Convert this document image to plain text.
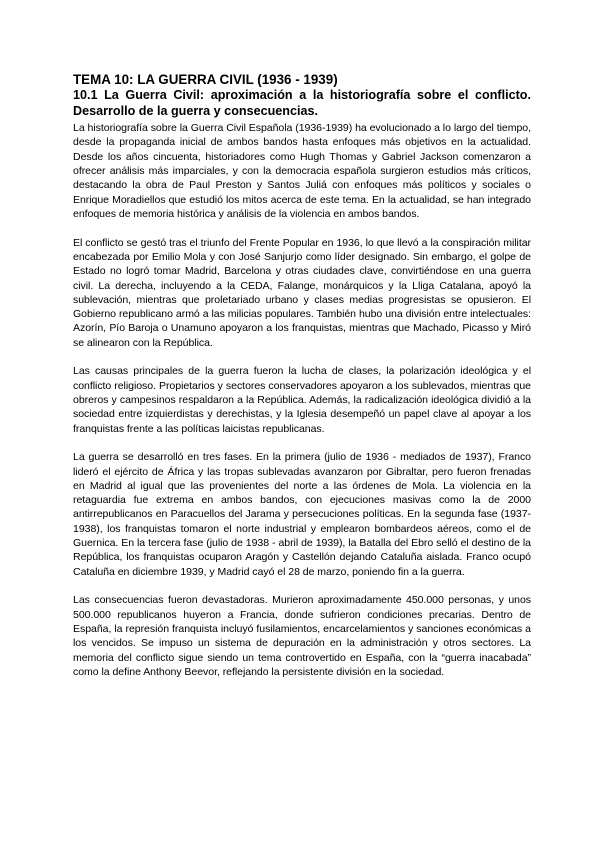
TEMA 10: LA GUERRA CIVIL (1936 - 1939)
10.1 La Guerra Civil: aproximación a la historiografía sobre el conflicto. Desarrollo de la guerra y consecuencias.

La historiografía sobre la Guerra Civil Española (1936-1939) ha evolucionado a lo largo del tiempo, desde la propaganda inicial de ambos bandos hasta enfoques más objetivos en la actualidad. Desde los años cincuenta, historiadores como Hugh Thomas y Gabriel Jackson comenzaron a ofrecer análisis más imparciales, y con la democracia española surgieron estudios más críticos, destacando la obra de Paul Preston y Santos Juliá con enfoques más políticos y sociales o Enrique Moradiellos que estudió los mitos acerca de este tema. En la actualidad, se han integrado enfoques de memoria histórica y análisis de la violencia en ambos bandos.

El conflicto se gestó tras el triunfo del Frente Popular en 1936, lo que llevó a la conspiración militar encabezada por Emilio Mola y con José Sanjurjo como líder designado. Sin embargo, el golpe de Estado no logró tomar Madrid, Barcelona y otras ciudades clave, convirtiéndose en una guerra civil. La derecha, incluyendo a la CEDA, Falange, monárquicos y la Lliga Catalana, apoyó la sublevación, mientras que proletariado urbano y clases medias progresistas se opusieron. El Gobierno republicano armó a las milicias populares. También hubo una división entre intelectuales: Azorín, Pío Baroja o Unamuno apoyaron a los franquistas, mientras que Machado, Picasso y Miró se alinearon con la República.

Las causas principales de la guerra fueron la lucha de clases, la polarización ideológica y el conflicto religioso. Propietarios y sectores conservadores apoyaron a los sublevados, mientras que obreros y campesinos respaldaron a la República. Además, la radicalización ideológica dividió a la sociedad entre izquierdistas y derechistas, y la Iglesia desempeñó un papel clave al apoyar a los franquistas frente a las políticas laicistas republicanas.

La guerra se desarrolló en tres fases. En la primera (julio de 1936 - mediados de 1937), Franco lideró el ejército de África y las tropas sublevadas avanzaron por Gibraltar, pero fueron frenadas en Madrid al igual que las provenientes del norte a las órdenes de Mola. La violencia en la retaguardia fue extrema en ambos bandos, con ejecuciones masivas como la de 2000 antirrepublicanos en Paracuellos del Jarama y persecuciones políticas. En la segunda fase (1937-1938), los franquistas tomaron el norte industrial y emplearon bombardeos aéreos, como el de Guernica. En la tercera fase (julio de 1938 - abril de 1939), la Batalla del Ebro selló el destino de la República, los franquistas ocuparon Aragón y Castellón dejando Cataluña aislada. Franco ocupó Cataluña en diciembre 1939, y Madrid cayó el 28 de marzo, poniendo fin a la guerra.

Las consecuencias fueron devastadoras. Murieron aproximadamente 450.000 personas, y unos 500.000 republicanos huyeron a Francia, donde sufrieron condiciones precarias. Dentro de España, la represión franquista incluyó fusilamientos, encarcelamientos y sanciones económicas a los vencidos. Se impuso un sistema de depuración en la administración y otros sectores. La memoria del conflicto sigue siendo un tema controvertido en España, con la “guerra inacabada” como la define Anthony Beevor, reflejando la persistente división en la sociedad.
